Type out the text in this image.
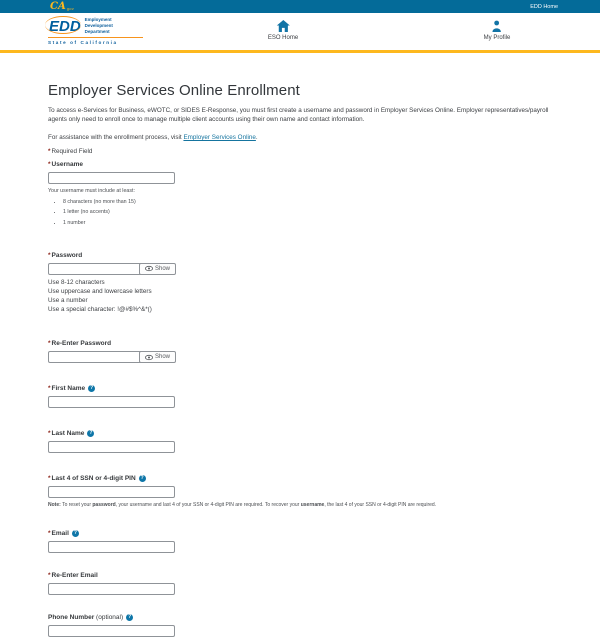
CA gov	EDD Home
EDD Employment
Development
Department
State of California
ESO Home	My Profile
Employer Services Online Enrollment

To access e-Services for Business, eWOTC, or SIDES E-Response, you must first create a username and password in Employer Services Online. Employer representatives/payroll agents only need to enroll once to manage multiple client accounts using their own name and contact information.

For assistance with the enrollment process, visit Employer Services Online.

*Required Field

*Username
Your username must include at least:
• 8 characters (no more than 15)
• 1 letter (no accents)
• 1 number
*Password
Show
Use 8-12 characters
Use uppercase and lowercase letters
Use a number
Use a special character: !@#$%^&*()
*Re-Enter Password
Show
*First Name ?
*Last Name ?
*Last 4 of SSN or 4-digit PIN ?
Note: To reset your password, your username and last 4 of your SSN or 4-digit PIN are required. To recover your username, the last 4 of your SSN or 4-digit PIN are required.
*Email ?
*Re-Enter Email
Phone Number (optional) ?
